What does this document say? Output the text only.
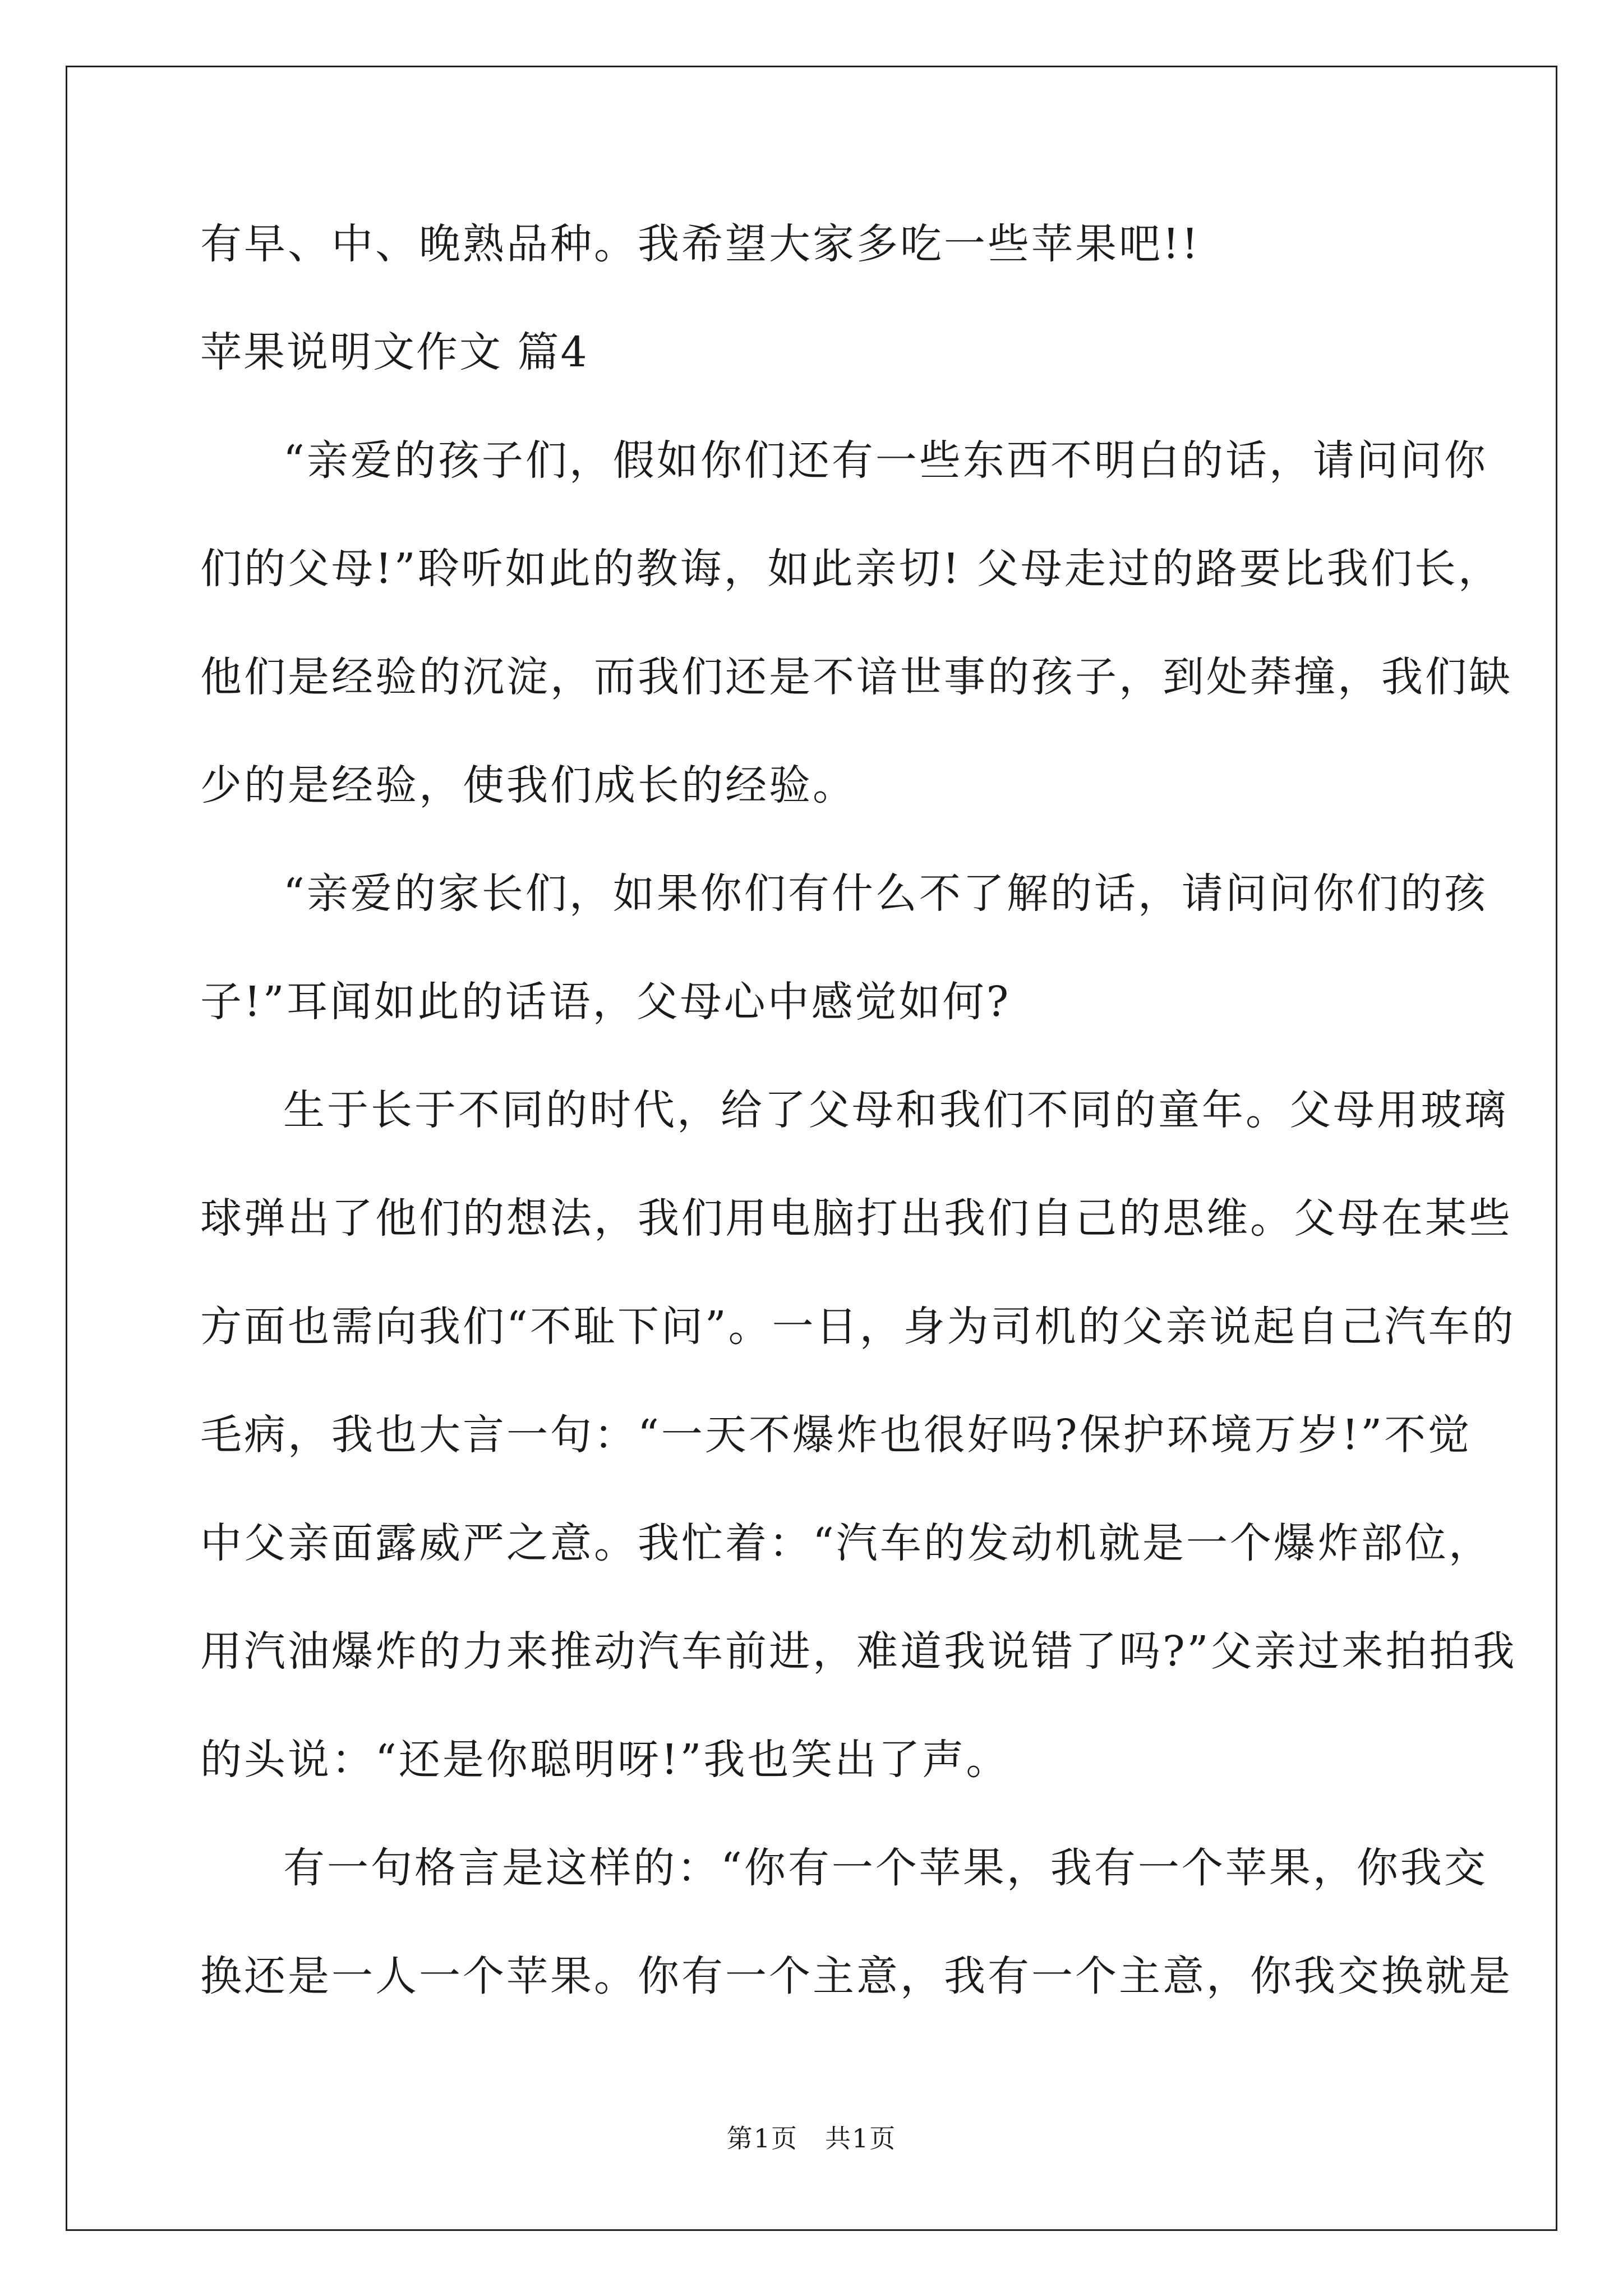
有早、中、晚熟品种。我希望大家多吃一些苹果吧!!
苹果说明文作文 篇4
“亲爱的孩子们，假如你们还有一些东西不明白的话，请问问你
们的父母!”聆听如此的教诲，如此亲切! 父母走过的路要比我们长，
他们是经验的沉淀，而我们还是不谙世事的孩子，到处莽撞，我们缺
少的是经验，使我们成长的经验。
“亲爱的家长们，如果你们有什么不了解的话，请问问你们的孩
子!”耳闻如此的话语，父母心中感觉如何?
生于长于不同的时代，给了父母和我们不同的童年。父母用玻璃
球弹出了他们的想法，我们用电脑打出我们自己的思维。父母在某些
方面也需向我们“不耻下问”。一日，身为司机的父亲说起自己汽车的
毛病，我也大言一句：“一天不爆炸也很好吗?保护环境万岁!”不觉
中父亲面露威严之意。我忙着：“汽车的发动机就是一个爆炸部位，
用汽油爆炸的力来推动汽车前进，难道我说错了吗?”父亲过来拍拍我
的头说：“还是你聪明呀!”我也笑出了声。
有一句格言是这样的：“你有一个苹果，我有一个苹果，你我交
换还是一人一个苹果。你有一个主意，我有一个主意，你我交换就是
第1页　共1页
